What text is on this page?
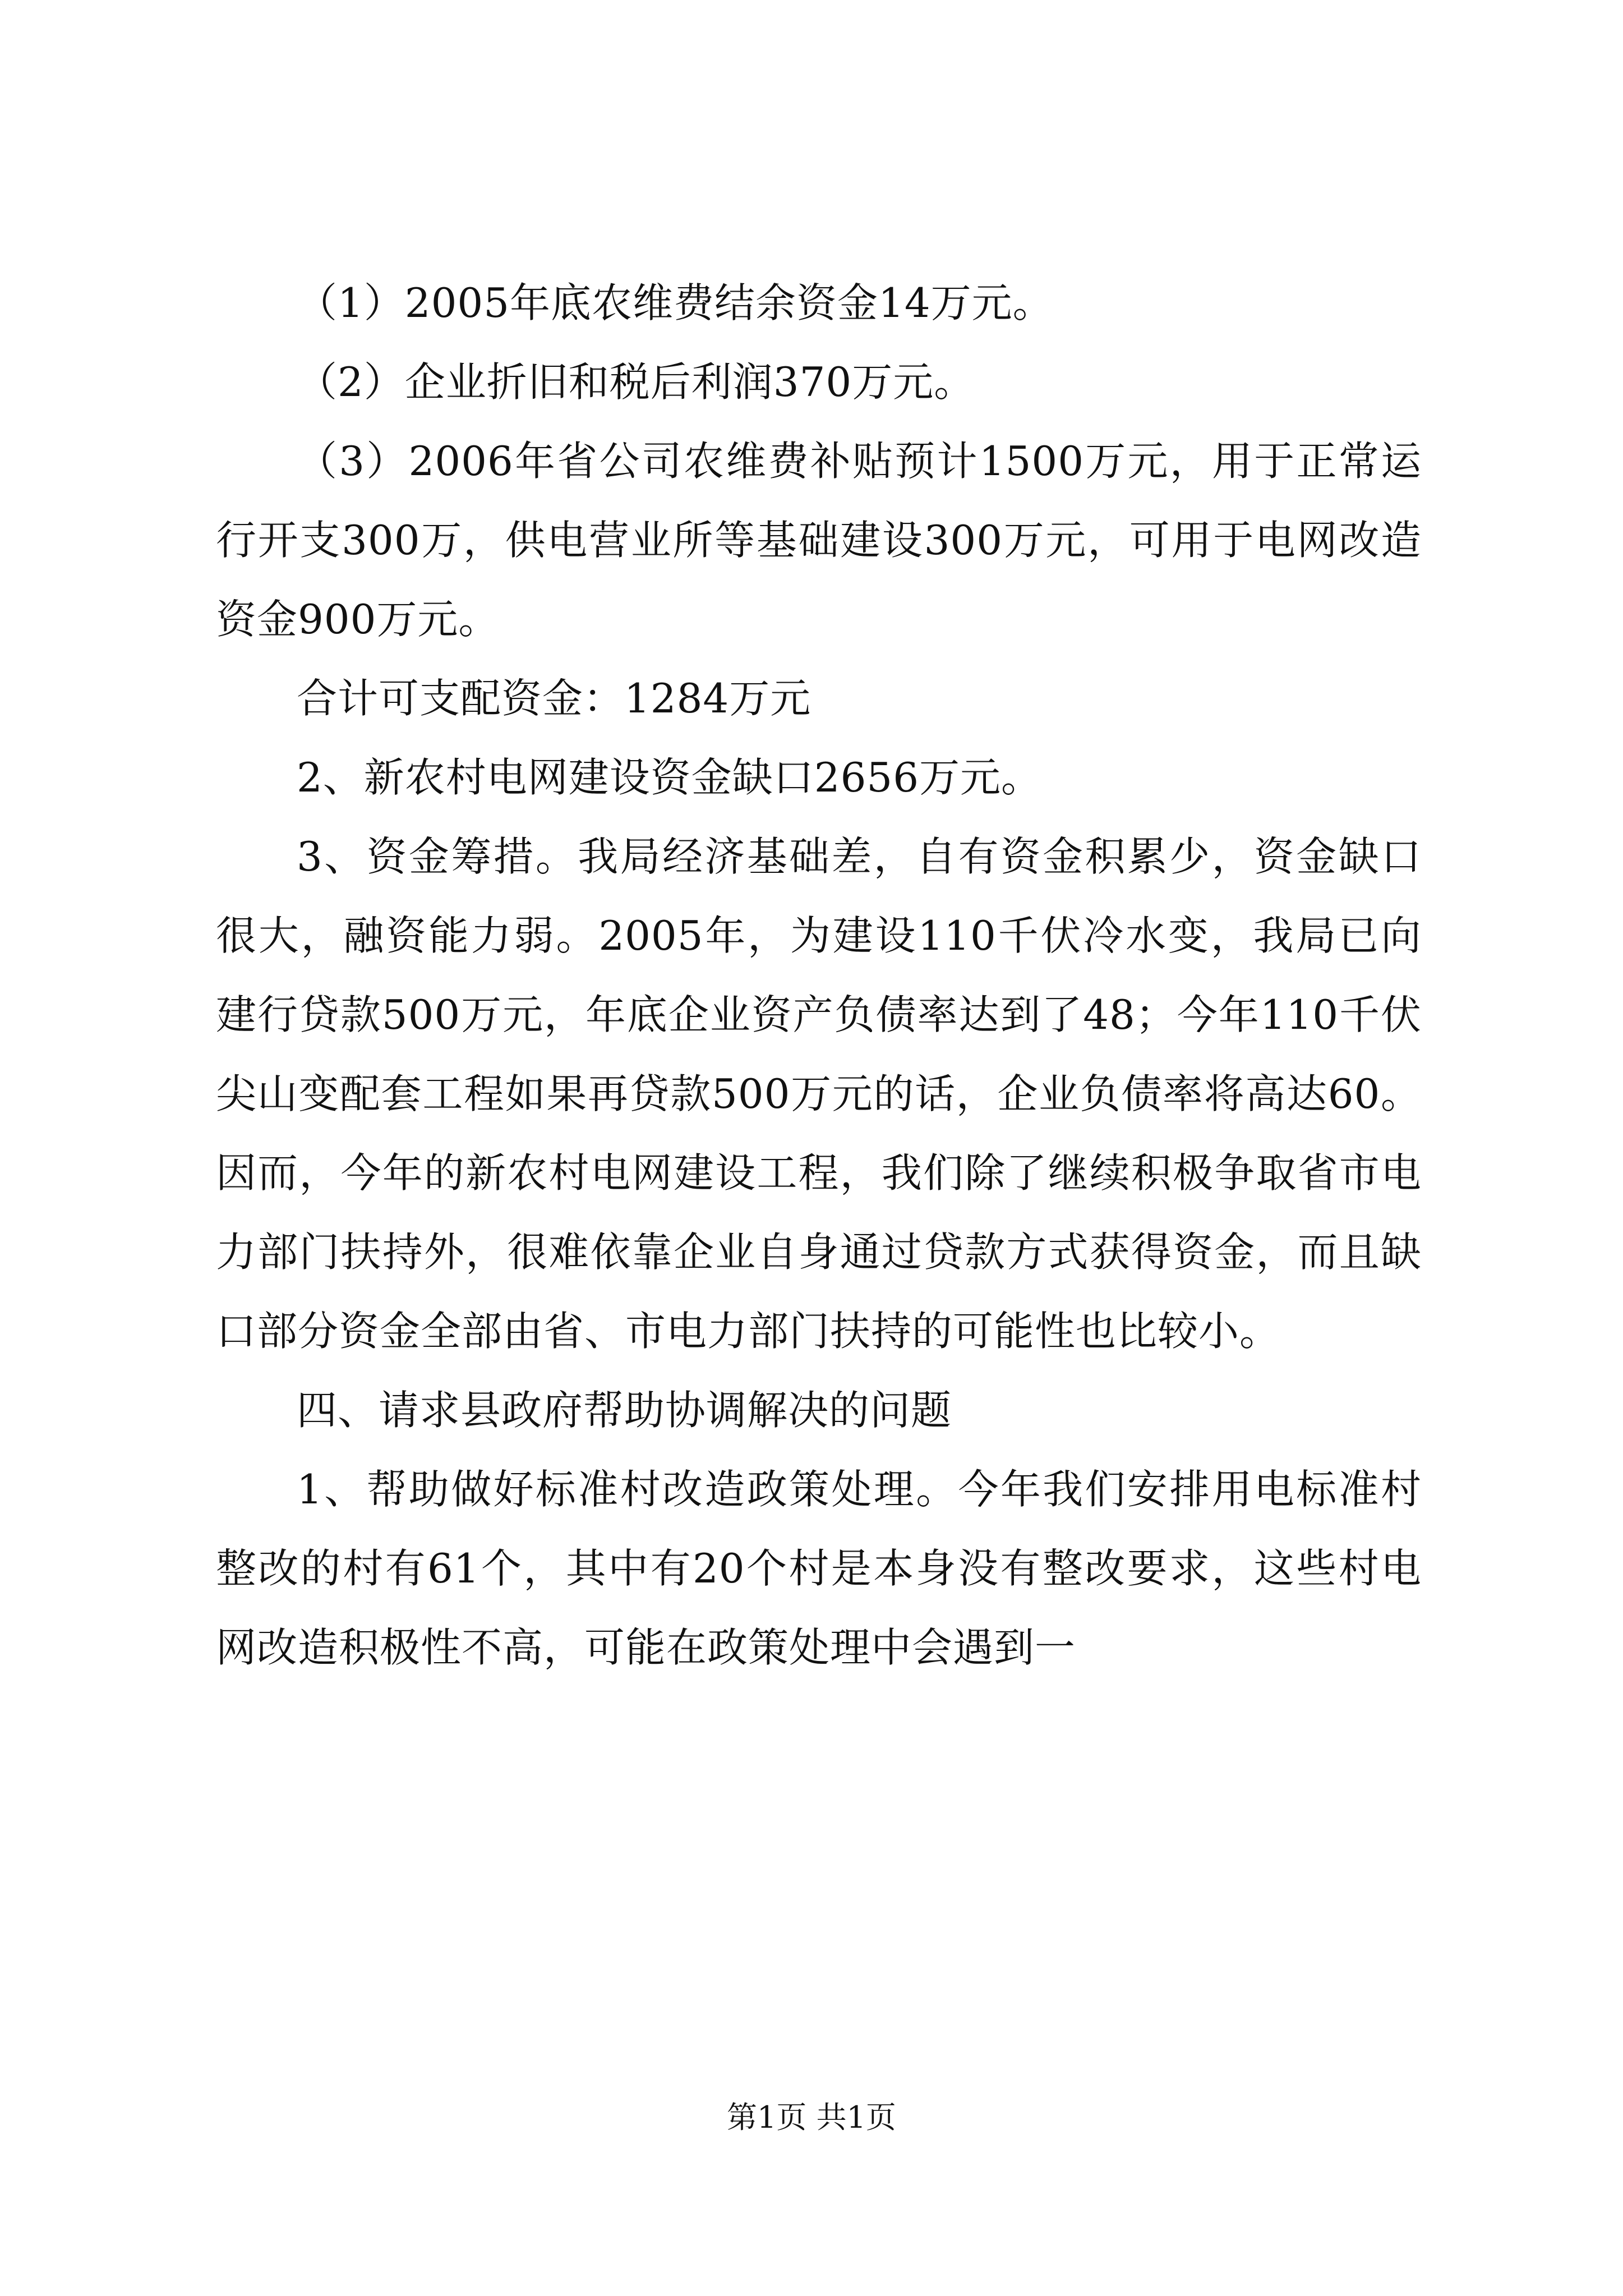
（1）2005年底农维费结余资金14万元。

（2）企业折旧和税后利润370万元。

（3）2006年省公司农维费补贴预计1500万元，用于正常运行开支300万，供电营业所等基础建设300万元，可用于电网改造资金900万元。

合计可支配资金：1284万元

2、新农村电网建设资金缺口2656万元。

3、资金筹措。我局经济基础差，自有资金积累少，资金缺口很大，融资能力弱。2005年，为建设110千伏冷水变，我局已向建行贷款500万元，年底企业资产负债率达到了48；今年110千伏尖山变配套工程如果再贷款500万元的话，企业负债率将高达60。因而，今年的新农村电网建设工程，我们除了继续积极争取省市电力部门扶持外，很难依靠企业自身通过贷款方式获得资金，而且缺口部分资金全部由省、市电力部门扶持的可能性也比较小。

四、请求县政府帮助协调解决的问题

1、帮助做好标准村改造政策处理。今年我们安排用电标准村整改的村有61个，其中有20个村是本身没有整改要求，这些村电网改造积极性不高，可能在政策处理中会遇到一

第1页 共1页
